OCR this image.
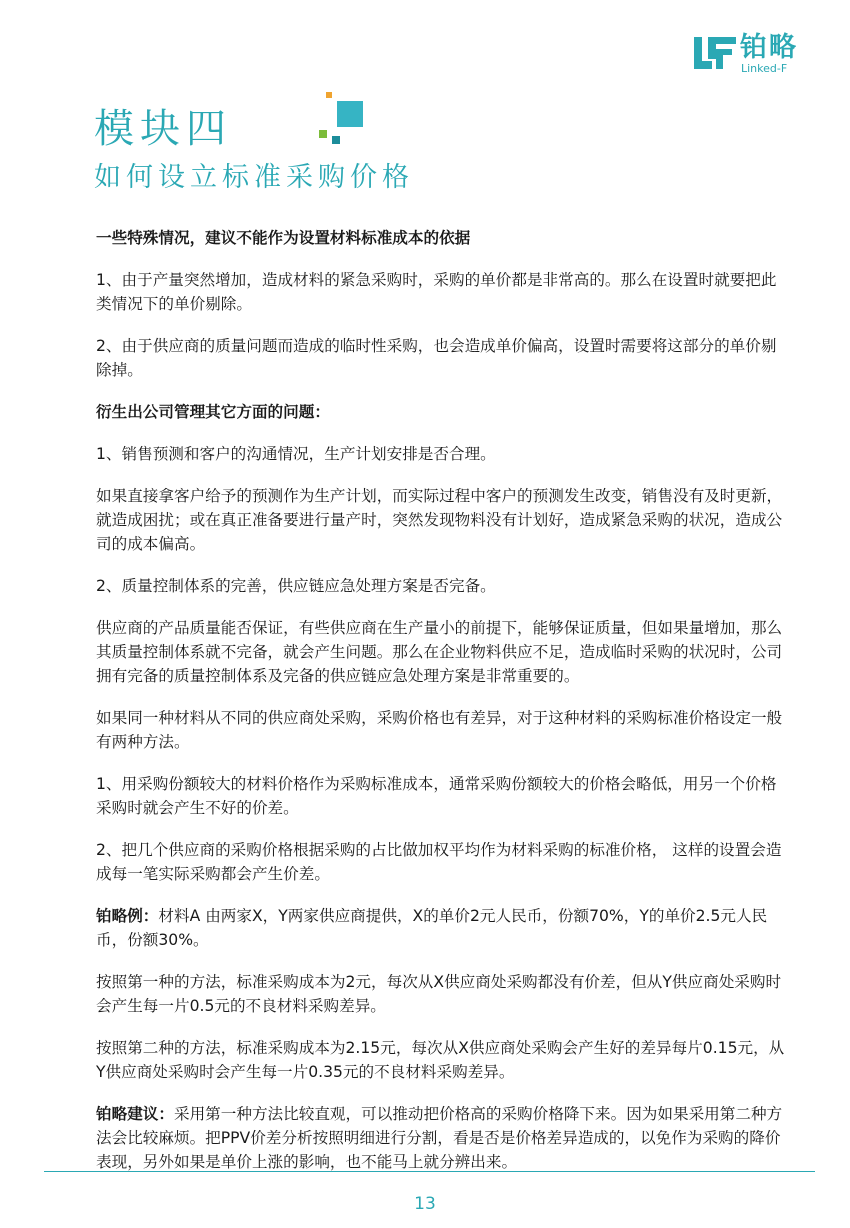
铂略
Linked-F
模块四
如何设立标准采购价格

一些特殊情况，建议不能作为设置材料标准成本的依据

1、由于产量突然增加，造成材料的紧急采购时，采购的单价都是非常高的。那么在设置时就要把此类情况下的单价剔除。

2、由于供应商的质量问题而造成的临时性采购，也会造成单价偏高，设置时需要将这部分的单价剔除掉。

衍生出公司管理其它方面的问题：

1、销售预测和客户的沟通情况，生产计划安排是否合理。

如果直接拿客户给予的预测作为生产计划，而实际过程中客户的预测发生改变，销售没有及时更新，就造成困扰；或在真正准备要进行量产时，突然发现物料没有计划好，造成紧急采购的状况，造成公司的成本偏高。

2、质量控制体系的完善，供应链应急处理方案是否完备。

供应商的产品质量能否保证，有些供应商在生产量小的前提下，能够保证质量，但如果量增加，那么其质量控制体系就不完备，就会产生问题。那么在企业物料供应不足，造成临时采购的状况时，公司拥有完备的质量控制体系及完备的供应链应急处理方案是非常重要的。

如果同一种材料从不同的供应商处采购，采购价格也有差异，对于这种材料的采购标准价格设定一般有两种方法。

1、用采购份额较大的材料价格作为采购标准成本，通常采购份额较大的价格会略低，用另一个价格采购时就会产生不好的价差。

2、把几个供应商的采购价格根据采购的占比做加权平均作为材料采购的标准价格， 这样的设置会造成每一笔实际采购都会产生价差。

铂略例：材料A 由两家X，Y两家供应商提供，X的单价2元人民币，份额70%，Y的单价2.5元人民币，份额30%。

按照第一种的方法，标准采购成本为2元，每次从X供应商处采购都没有价差，但从Y供应商处采购时会产生每一片0.5元的不良材料采购差异。

按照第二种的方法，标准采购成本为2.15元，每次从X供应商处采购会产生好的差异每片0.15元，从Y供应商处采购时会产生每一片0.35元的不良材料采购差异。

铂略建议：采用第一种方法比较直观，可以推动把价格高的采购价格降下来。因为如果采用第二种方法会比较麻烦。把PPV价差分析按照明细进行分割，看是否是价格差异造成的，以免作为采购的降价表现，另外如果是单价上涨的影响，也不能马上就分辨出来。

13
